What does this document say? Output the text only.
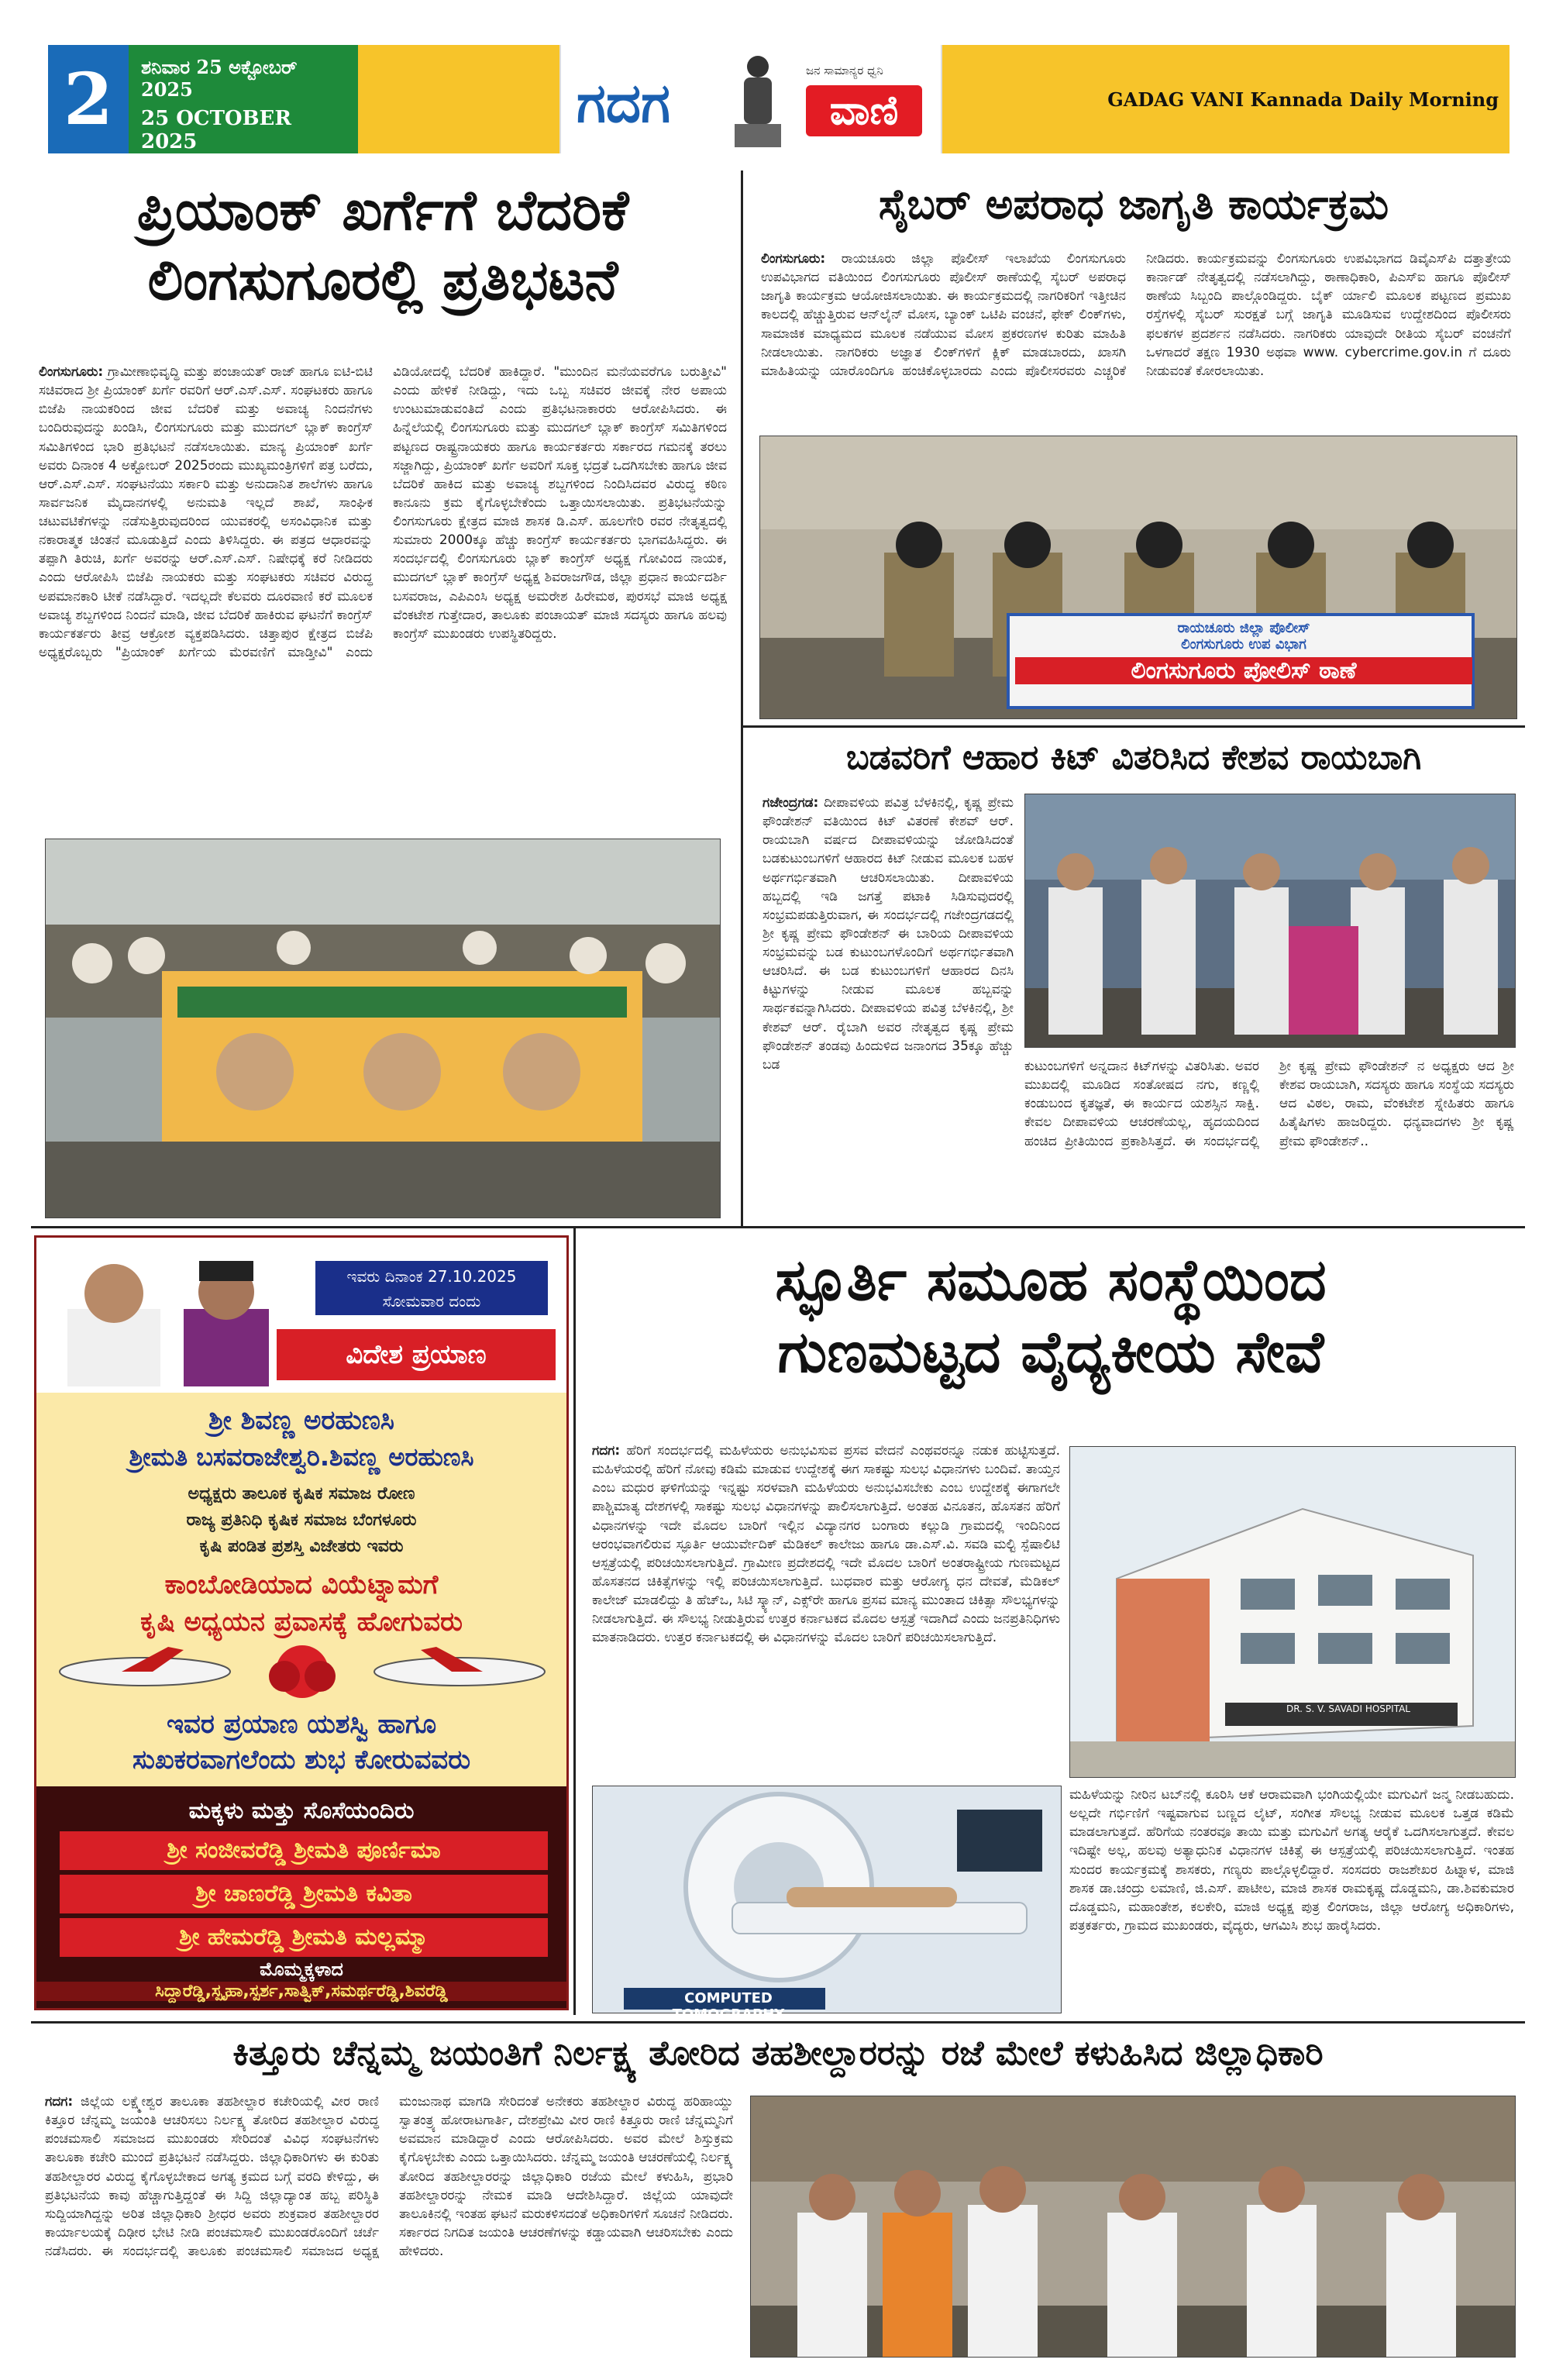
2	ಶನಿವಾರ 25 ಅಕ್ಟೋಬರ್ 2025
25 OCTOBER 2025
ಗದಗ
ಜನ ಸಾಮಾನ್ಯರ ಧ್ವನಿ
ವಾಣಿ	GADAG VANI Kannada Daily Morning
ಪ್ರಿಯಾಂಕ್ ಖರ್ಗೆಗೆ ಬೆದರಿಕೆ
ಲಿಂಗಸುಗೂರಲ್ಲಿ ಪ್ರತಿಭಟನೆ

ಲಿಂಗಸುಗೂರು: ಗ್ರಾಮೀಣಾಭಿವೃದ್ಧಿ ಮತ್ತು ಪಂಚಾಯತ್ ರಾಜ್ ಹಾಗೂ ಐಟಿ-ಬಿಟಿ ಸಚಿವರಾದ ಶ್ರೀ ಪ್ರಿಯಾಂಕ್ ಖರ್ಗೆ ರವರಿಗೆ ಆರ್.ಎಸ್.ಎಸ್. ಸಂಘಟಕರು ಹಾಗೂ ಬಿಜೆಪಿ ನಾಯಕರಿಂದ ಜೀವ ಬೆದರಿಕೆ ಮತ್ತು ಅವಾಚ್ಯ ನಿಂದನೆಗಳು ಬಂದಿರುವುದನ್ನು ಖಂಡಿಸಿ, ಲಿಂಗಸುಗೂರು ಮತ್ತು ಮುದಗಲ್ ಬ್ಲಾಕ್ ಕಾಂಗ್ರೆಸ್ ಸಮಿತಿಗಳಿಂದ ಭಾರಿ ಪ್ರತಿಭಟನೆ ನಡೆಸಲಾಯಿತು. ಮಾನ್ಯ ಪ್ರಿಯಾಂಕ್ ಖರ್ಗೆ ಅವರು ದಿನಾಂಕ 4 ಅಕ್ಟೋಬರ್ 2025ರಂದು ಮುಖ್ಯಮಂತ್ರಿಗಳಿಗೆ ಪತ್ರ ಬರೆದು, ಆರ್.ಎಸ್.ಎಸ್. ಸಂಘಟನೆಯು ಸರ್ಕಾರಿ ಮತ್ತು ಅನುದಾನಿತ ಶಾಲೆಗಳು ಹಾಗೂ ಸಾರ್ವಜನಿಕ ಮೈದಾನಗಳಲ್ಲಿ ಅನುಮತಿ ಇಲ್ಲದೆ ಶಾಖೆ, ಸಾಂಘಿಕ ಚಟುವಟಿಕೆಗಳನ್ನು ನಡೆಸುತ್ತಿರುವುದರಿಂದ ಯುವಕರಲ್ಲಿ ಅಸಂವಿಧಾನಿಕ ಮತ್ತು ನಕಾರಾತ್ಮಕ ಚಿಂತನೆ ಮೂಡುತ್ತಿದೆ ಎಂದು ತಿಳಿಸಿದ್ದರು. ಈ ಪತ್ರದ ಆಧಾರವನ್ನು ತಪ್ಪಾಗಿ ತಿರುಚಿ, ಖರ್ಗೆ ಅವರನ್ನು ಆರ್.ಎಸ್.ಎಸ್. ನಿಷೇಧಕ್ಕೆ ಕರೆ ನೀಡಿದರು ಎಂದು ಆರೋಪಿಸಿ ಬಿಜೆಪಿ ನಾಯಕರು ಮತ್ತು ಸಂಘಟಕರು ಸಚಿವರ ವಿರುದ್ಧ ಅಪಮಾನಕಾರಿ ಟೀಕೆ ನಡೆಸಿದ್ದಾರೆ. ಇದಲ್ಲದೇ ಕೆಲವರು ದೂರವಾಣಿ ಕರೆ ಮೂಲಕ ಅವಾಚ್ಯ ಶಬ್ದಗಳಿಂದ ನಿಂದನೆ ಮಾಡಿ, ಜೀವ ಬೆದರಿಕೆ ಹಾಕಿರುವ ಘಟನೆಗೆ ಕಾಂಗ್ರೆಸ್ ಕಾರ್ಯಕರ್ತರು ತೀವ್ರ ಆಕ್ರೋಶ ವ್ಯಕ್ತಪಡಿಸಿದರು. ಚಿತ್ತಾಪುರ ಕ್ಷೇತ್ರದ ಬಿಜೆಪಿ ಅಧ್ಯಕ್ಷರೊಬ್ಬರು "ಪ್ರಿಯಾಂಕ್ ಖರ್ಗೆಯ ಮೆರವಣಿಗೆ ಮಾಡ್ತೀವಿ" ಎಂದು ವಿಡಿಯೋದಲ್ಲಿ ಬೆದರಿಕೆ ಹಾಕಿದ್ದಾರೆ. "ಮುಂದಿನ ಮನೆಯವರೆಗೂ ಬರುತ್ತೀವಿ" ಎಂದು ಹೇಳಿಕೆ ನೀಡಿದ್ದು, ಇದು ಒಬ್ಬ ಸಚಿವರ ಜೀವಕ್ಕೆ ನೇರ ಅಪಾಯ ಉಂಟುಮಾಡುವಂತಿದೆ ಎಂದು ಪ್ರತಿಭಟನಾಕಾರರು ಆರೋಪಿಸಿದರು. ಈ ಹಿನ್ನೆಲೆಯಲ್ಲಿ ಲಿಂಗಸುಗೂರು ಮತ್ತು ಮುದಗಲ್ ಬ್ಲಾಕ್ ಕಾಂಗ್ರೆಸ್ ಸಮಿತಿಗಳಿಂದ ಪಟ್ಟಣದ ರಾಷ್ಟ್ರನಾಯಕರು ಹಾಗೂ ಕಾರ್ಯಕರ್ತರು ಸರ್ಕಾರದ ಗಮನಕ್ಕೆ ತರಲು ಸಜ್ಜಾಗಿದ್ದು, ಪ್ರಿಯಾಂಕ್ ಖರ್ಗೆ ಅವರಿಗೆ ಸೂಕ್ತ ಭದ್ರತೆ ಒದಗಿಸಬೇಕು ಹಾಗೂ ಜೀವ ಬೆದರಿಕೆ ಹಾಕಿದ ಮತ್ತು ಅವಾಚ್ಯ ಶಬ್ದಗಳಿಂದ ನಿಂದಿಸಿದವರ ವಿರುದ್ಧ ಕಠಿಣ ಕಾನೂನು ಕ್ರಮ ಕೈಗೊಳ್ಳಬೇಕೆಂದು ಒತ್ತಾಯಿಸಲಾಯಿತು. ಪ್ರತಿಭಟನೆಯನ್ನು ಲಿಂಗಸುಗೂರು ಕ್ಷೇತ್ರದ ಮಾಜಿ ಶಾಸಕ ಡಿ.ಎಸ್. ಹೂಲಗೇರಿ ರವರ ನೇತೃತ್ವದಲ್ಲಿ ಸುಮಾರು 2000ಕ್ಕೂ ಹೆಚ್ಚು ಕಾಂಗ್ರೆಸ್ ಕಾರ್ಯಕರ್ತರು ಭಾಗವಹಿಸಿದ್ದರು. ಈ ಸಂದರ್ಭದಲ್ಲಿ ಲಿಂಗಸುಗೂರು ಬ್ಲಾಕ್ ಕಾಂಗ್ರೆಸ್ ಅಧ್ಯಕ್ಷ ಗೋವಿಂದ ನಾಯಕ, ಮುದಗಲ್ ಬ್ಲಾಕ್ ಕಾಂಗ್ರೆಸ್ ಅಧ್ಯಕ್ಷ ಶಿವರಾಜಗೌಡ, ಜಿಲ್ಲಾ ಪ್ರಧಾನ ಕಾರ್ಯದರ್ಶಿ ಬಸವರಾಜ, ಎಪಿಎಂಸಿ ಅಧ್ಯಕ್ಷ ಅಮರೇಶ ಹಿರೇಮಠ, ಪುರಸಭೆ ಮಾಜಿ ಅಧ್ಯಕ್ಷ ವೆಂಕಟೇಶ ಗುತ್ತೇದಾರ, ತಾಲೂಕು ಪಂಚಾಯತ್ ಮಾಜಿ ಸದಸ್ಯರು ಹಾಗೂ ಹಲವು ಕಾಂಗ್ರೆಸ್ ಮುಖಂಡರು ಉಪಸ್ಥಿತರಿದ್ದರು.

ಸೈಬರ್ ಅಪರಾಧ ಜಾಗೃತಿ ಕಾರ್ಯಕ್ರಮ

ಲಿಂಗಸುಗೂರು: ರಾಯಚೂರು ಜಿಲ್ಲಾ ಪೊಲೀಸ್ ಇಲಾಖೆಯ ಲಿಂಗಸುಗೂರು ಉಪವಿಭಾಗದ ವತಿಯಿಂದ ಲಿಂಗಸುಗೂರು ಪೊಲೀಸ್ ಠಾಣೆಯಲ್ಲಿ ಸೈಬರ್ ಅಪರಾಧ ಜಾಗೃತಿ ಕಾರ್ಯಕ್ರಮ ಆಯೋಜಿಸಲಾಯಿತು. ಈ ಕಾರ್ಯಕ್ರಮದಲ್ಲಿ ನಾಗರಿಕರಿಗೆ ಇತ್ತೀಚಿನ ಕಾಲದಲ್ಲಿ ಹೆಚ್ಚುತ್ತಿರುವ ಆನ್‌ಲೈನ್ ಮೋಸ, ಬ್ಯಾಂಕ್ ಒಟಿಪಿ ವಂಚನೆ, ಫೇಕ್ ಲಿಂಕ್‌ಗಳು, ಸಾಮಾಜಿಕ ಮಾಧ್ಯಮದ ಮೂಲಕ ನಡೆಯುವ ಮೋಸ ಪ್ರಕರಣಗಳ ಕುರಿತು ಮಾಹಿತಿ ನೀಡಲಾಯಿತು. ನಾಗರಿಕರು ಅಜ್ಞಾತ ಲಿಂಕ್‌ಗಳಿಗೆ ಕ್ಲಿಕ್ ಮಾಡಬಾರದು, ಖಾಸಗಿ ಮಾಹಿತಿಯನ್ನು ಯಾರೊಂದಿಗೂ ಹಂಚಿಕೊಳ್ಳಬಾರದು ಎಂದು ಪೊಲೀಸರವರು ಎಚ್ಚರಿಕೆ ನೀಡಿದರು. ಕಾರ್ಯಕ್ರಮವನ್ನು ಲಿಂಗಸುಗೂರು ಉಪವಿಭಾಗದ ಡಿವೈಎಸ್‌ಪಿ ದತ್ತಾತ್ರೇಯ ಕಾರ್ನಾಡ್ ನೇತೃತ್ವದಲ್ಲಿ ನಡೆಸಲಾಗಿದ್ದು, ಠಾಣಾಧಿಕಾರಿ, ಪಿಎಸ್‌ಐ ಹಾಗೂ ಪೊಲೀಸ್ ಠಾಣೆಯ ಸಿಬ್ಬಂದಿ ಪಾಲ್ಗೊಂಡಿದ್ದರು. ಬೈಕ್ ರ್ಯಾಲಿ ಮೂಲಕ ಪಟ್ಟಣದ ಪ್ರಮುಖ ರಸ್ತೆಗಳಲ್ಲಿ ಸೈಬರ್ ಸುರಕ್ಷತೆ ಬಗ್ಗೆ ಜಾಗೃತಿ ಮೂಡಿಸುವ ಉದ್ದೇಶದಿಂದ ಪೊಲೀಸರು ಫಲಕಗಳ ಪ್ರದರ್ಶನ ನಡೆಸಿದರು. ನಾಗರಿಕರು ಯಾವುದೇ ರೀತಿಯ ಸೈಬರ್ ವಂಚನೆಗೆ ಒಳಗಾದರೆ ತಕ್ಷಣ 1930 ಅಥವಾ www. cybercrime.gov.in ಗೆ ದೂರು ನೀಡುವಂತೆ ಕೋರಲಾಯಿತು.

ರಾಯಚೂರು ಜಿಲ್ಲಾ ಪೊಲೀಸ್
ಲಿಂಗಸುಗೂರು ಉಪ ವಿಭಾಗ
ಲಿಂಗಸುಗೂರು ಪೋಲಿಸ್ ಠಾಣೆ
ಬಡವರಿಗೆ ಆಹಾರ ಕಿಟ್ ವಿತರಿಸಿದ ಕೇಶವ ರಾಯಬಾಗಿ

ಗಜೇಂದ್ರಗಡ: ದೀಪಾವಳಿಯ ಪವಿತ್ರ ಬೆಳಕಿನಲ್ಲಿ, ಕೃಷ್ಣ ಪ್ರೇಮ ಫೌಂಡೇಶನ್ ವತಿಯಿಂದ ಕಿಟ್ ವಿತರಣೆ ಕೇಶವ್ ಆರ್. ರಾಯಬಾಗಿ ವರ್ಷದ ದೀಪಾವಳಿಯನ್ನು ಜೋಡಿಸಿದಂತೆ ಬಡಕುಟುಂಬಗಳಿಗೆ ಆಹಾರದ ಕಿಟ್ ನೀಡುವ ಮೂಲಕ ಬಹಳ ಅರ್ಥಗರ್ಭಿತವಾಗಿ ಆಚರಿಸಲಾಯಿತು. ದೀಪಾವಳಿಯ ಹಬ್ಬದಲ್ಲಿ ಇಡಿ ಜಗತ್ತೆ ಪಟಾಕಿ ಸಿಡಿಸುವುದರಲ್ಲಿ ಸಂಭ್ರಮಪಡುತ್ತಿರುವಾಗ, ಈ ಸಂದರ್ಭದಲ್ಲಿ ಗಜೇಂದ್ರಗಡದಲ್ಲಿ ಶ್ರೀ ಕೃಷ್ಣ ಪ್ರೇಮ ಫೌಂಡೇಶನ್ ಈ ಬಾರಿಯ ದೀಪಾವಳಿಯ ಸಂಭ್ರಮವನ್ನು ಬಡ ಕುಟುಂಬಗಳೊಂದಿಗೆ ಅರ್ಥಗರ್ಭಿತವಾಗಿ ಆಚರಿಸಿದೆ. ಈ ಬಡ ಕುಟುಂಬಗಳಿಗೆ ಆಹಾರದ ದಿನಸಿ ಕಿಟ್ಟುಗಳನ್ನು ನೀಡುವ ಮೂಲಕ ಹಬ್ಬವನ್ನು ಸಾರ್ಥಕವನ್ನಾಗಿಸಿದರು. ದೀಪಾವಳಿಯ ಪವಿತ್ರ ಬೆಳಕಿನಲ್ಲಿ, ಶ್ರೀ ಕೇಶವ್ ಆರ್. ರೈಬಾಗಿ ಅವರ ನೇತೃತ್ವದ ಕೃಷ್ಣ ಪ್ರೇಮ ಫೌಂಡೇಶನ್ ತಂಡವು ಹಿಂದುಳಿದ ಜನಾಂಗದ 35ಕ್ಕೂ ಹೆಚ್ಚು ಬಡ	ಕುಟುಂಬಗಳಿಗೆ ಅನ್ನದಾನ ಕಿಟ್‌ಗಳನ್ನು ವಿತರಿಸಿತು. ಅವರ ಮುಖದಲ್ಲಿ ಮೂಡಿದ ಸಂತೋಷದ ನಗು, ಕಣ್ಣಲ್ಲಿ ಕಂಡುಬಂದ ಕೃತಜ್ಞತೆ, ಈ ಕಾರ್ಯದ ಯಶಸ್ಸಿನ ಸಾಕ್ಷಿ. ಕೇವಲ ದೀಪಾವಳಿಯ ಆಚರಣೆಯಲ್ಲ, ಹೃದಯದಿಂದ ಹಂಚಿದ ಪ್ರೀತಿಯಿಂದ ಪ್ರಕಾಶಿಸಿತ್ತದೆ. ಈ ಸಂದರ್ಭದಲ್ಲಿ ಶ್ರೀ ಕೃಷ್ಣ ಪ್ರೇಮ ಫೌಂಡೇಶನ್ ನ ಅಧ್ಯಕ್ಷರು ಆದ ಶ್ರೀ ಕೇಶವ ರಾಯಬಾಗಿ, ಸದಸ್ಯರು ಹಾಗೂ ಸಂಸ್ಥೆಯ ಸದಸ್ಯರು ಆದ ವಿಠಲ, ರಾಮ, ವೆಂಕಟೇಶ ಸ್ನೇಹಿತರು ಹಾಗೂ ಹಿತೈಷಿಗಳು ಹಾಜರಿದ್ದರು. ಧನ್ಯವಾದಗಳು ಶ್ರೀ ಕೃಷ್ಣ ಪ್ರೇಮ ಫೌಂಡೇಶನ್..
ಇವರು ದಿನಾಂಕ 27.10.2025
ಸೋಮವಾರ ದಂದು
ವಿದೇಶ ಪ್ರಯಾಣ
ಶ್ರೀ ಶಿವಣ್ಣ ಅರಹುಣಸಿ
ಶ್ರೀಮತಿ ಬಸವರಾಜೇಶ್ವರಿ.ಶಿವಣ್ಣ ಅರಹುಣಸಿ
ಅಧ್ಯಕ್ಷರು ತಾಲೂಕ ಕೃಷಿಕ ಸಮಾಜ ರೋಣ
ರಾಜ್ಯ ಪ್ರತಿನಿಧಿ ಕೃಷಿಕ ಸಮಾಜ ಬೆಂಗಳೂರು
ಕೃಷಿ ಪಂಡಿತ ಪ್ರಶಸ್ತಿ ವಿಜೇತರು ಇವರು
ಕಾಂಬೋಡಿಯಾದ ವಿಯೆಟ್ನಾಮಗೆ
ಕೃಷಿ ಅಧ್ಯಯನ ಪ್ರವಾಸಕ್ಕೆ ಹೋಗುವರು
ಇವರ ಪ್ರಯಾಣ ಯಶಸ್ವಿ ಹಾಗೂ
ಸುಖಕರವಾಗಲೆಂದು ಶುಭ ಕೋರುವವರು
ಮಕ್ಕಳು ಮತ್ತು ಸೊಸೆಯಂದಿರು
ಶ್ರೀ ಸಂಜೀವರೆಡ್ಡಿ ಶ್ರೀಮತಿ ಪೂರ್ಣಿಮಾ
ಶ್ರೀ ಚಾಣರೆಡ್ಡಿ ಶ್ರೀಮತಿ ಕವಿತಾ
ಶ್ರೀ ಹೇಮರೆಡ್ಡಿ ಶ್ರೀಮತಿ ಮಲ್ಲಮ್ಮಾ
ಮೊಮ್ಮಕ್ಕಳಾದ
ಸಿದ್ದಾರೆಡ್ಡಿ,ಸ್ಪೃಹಾ,ಸ್ಪರ್ಶ,ಸಾತ್ವಿಕ್,ಸಮರ್ಥರೆಡ್ಡಿ,ಶಿವರೆಡ್ಡಿ
ಸ್ಫೂರ್ತಿ ಸಮೂಹ ಸಂಸ್ಥೆಯಿಂದ
ಗುಣಮಟ್ಟದ ವೈದ್ಯಕೀಯ ಸೇವೆ

ಗದಗ: ಹೆರಿಗೆ ಸಂದರ್ಭದಲ್ಲಿ ಮಹಿಳೆಯರು ಅನುಭವಿಸುವ ಪ್ರಸವ ವೇದನೆ ಎಂಥವರನ್ನೂ ನಡುಕ ಹುಟ್ಟಿಸುತ್ತದೆ. ಮಹಿಳೆಯರಲ್ಲಿ ಹೆರಿಗೆ ನೋವು ಕಡಿಮೆ ಮಾಡುವ ಉದ್ದೇಶಕ್ಕೆ ಈಗ ಸಾಕಷ್ಟು ಸುಲಭ ವಿಧಾನಗಳು ಬಂದಿವೆ. ತಾಯ್ತನ ಎಂಬ ಮಧುರ ಘಳಿಗೆಯನ್ನು ಇನ್ನಷ್ಟು ಸರಳವಾಗಿ ಮಹಿಳೆಯರು ಅನುಭವಿಸಬೇಕು ಎಂಬ ಉದ್ದೇಶಕ್ಕೆ ಈಗಾಗಲೇ ಪಾಶ್ಚಿಮಾತ್ಯ ದೇಶಗಳಲ್ಲಿ ಸಾಕಷ್ಟು ಸುಲಭ ವಿಧಾನಗಳನ್ನು ಪಾಲಿಸಲಾಗುತ್ತಿದೆ. ಅಂತಹ ವಿನೂತನ, ಹೊಸತನ ಹೆರಿಗೆ ವಿಧಾನಗಳನ್ನು ಇದೇ ಮೊದಲ ಬಾರಿಗೆ ಇಲ್ಲಿನ ವಿದ್ಯಾನಗರ ಬಂಗಾರು ಕಲ್ಲುಡಿ ಗ್ರಾಮದಲ್ಲಿ ಇಂದಿನಿಂದ ಆರಂಭವಾಗಲಿರುವ ಸ್ಫೂರ್ತಿ ಆಯುರ್ವೇದಿಕ್ ಮೆಡಿಕಲ್ ಕಾಲೇಜು ಹಾಗೂ ಡಾ.ಎಸ್.ವಿ. ಸವಡಿ ಮಲ್ಟಿ ಸ್ಪೆಷಾಲಿಟಿ ಆಸ್ಪತ್ರೆಯಲ್ಲಿ ಪರಿಚಯಿಸಲಾಗುತ್ತಿದೆ. ಗ್ರಾಮೀಣ ಪ್ರದೇಶದಲ್ಲಿ ಇದೇ ಮೊದಲ ಬಾರಿಗೆ ಅಂತರಾಷ್ಟ್ರೀಯ ಗುಣಮಟ್ಟದ ಹೊಸತನದ ಚಿಕಿತ್ಸೆಗಳನ್ನು ಇಲ್ಲಿ ಪರಿಚಯಿಸಲಾಗುತ್ತಿದೆ. ಬುಧವಾರ ಮತ್ತು ಆರೋಗ್ಯ ಧನ ದೇವತೆ, ಮೆಡಿಕಲ್ ಕಾಲೇಜ್ ಮಾಡಲಿದ್ದು ತಿ ಹೆಚ್‌ಒ, ಸಿಟಿ ಸ್ಕ್ಯಾನ್, ಎಕ್ಸ್‌ರೇ ಹಾಗೂ ಪ್ರಸವ ಮಾನ್ಯ ಮುಂತಾದ ಚಿಕಿತ್ಸಾ ಸೌಲಭ್ಯಗಳನ್ನು ನೀಡಲಾಗುತ್ತಿದೆ. ಈ ಸೌಲಭ್ಯ ನೀಡುತ್ತಿರುವ ಉತ್ತರ ಕರ್ನಾಟಕದ ಮೊದಲ ಆಸ್ಪತ್ರೆ ಇದಾಗಿದೆ ಎಂದು ಜನಪ್ರತಿನಿಧಿಗಳು ಮಾತನಾಡಿದರು. ಉತ್ತರ ಕರ್ನಾಟಕದಲ್ಲಿ ಈ ವಿಧಾನಗಳನ್ನು ಮೊದಲ ಬಾರಿಗೆ ಪರಿಚಯಿಸಲಾಗುತ್ತಿದೆ.

DR. S. V. SAVADI HOSPITAL
COMPUTED TOMOGRAPHY
ಮಹಿಳೆಯನ್ನು ನೀರಿನ ಟಬ್‌ನಲ್ಲಿ ಕೂರಿಸಿ ಆಕೆ ಆರಾಮವಾಗಿ ಭಂಗಿಯಲ್ಲಿಯೇ ಮಗುವಿಗೆ ಜನ್ಮ ನೀಡಬಹುದು. ಅಲ್ಲದೇ ಗರ್ಭಿಣಿಗೆ ಇಷ್ಟವಾಗುವ ಬಣ್ಣದ ಲೈಟ್, ಸಂಗೀತ ಸೌಲಭ್ಯ ನೀಡುವ ಮೂಲಕ ಒತ್ತಡ ಕಡಿಮೆ ಮಾಡಲಾಗುತ್ತದೆ. ಹೆರಿಗೆಯ ನಂತರವೂ ತಾಯಿ ಮತ್ತು ಮಗುವಿಗೆ ಅಗತ್ಯ ಆರೈಕೆ ಒದಗಿಸಲಾಗುತ್ತದೆ. ಕೇವಲ ಇದಿಷ್ಟೇ ಅಲ್ಲ, ಹಲವು ಅತ್ಯಾಧುನಿಕ ವಿಧಾನಗಳ ಚಿಕಿತ್ಸೆ ಈ ಆಸ್ಪತ್ರೆಯಲ್ಲಿ ಪರಿಚಯಿಸಲಾಗುತ್ತಿದೆ. ಇಂತಹ ಸುಂದರ ಕಾರ್ಯಕ್ರಮಕ್ಕೆ ಶಾಸಕರು, ಗಣ್ಯರು ಪಾಲ್ಗೊಳ್ಳಲಿದ್ದಾರೆ. ಸಂಸದರು ರಾಜಶೇಖರ ಹಿಟ್ನಾಳ, ಮಾಜಿ ಶಾಸಕ ಡಾ.ಚಂದ್ರು ಲಮಾಣಿ, ಜಿ.ಎಸ್. ಪಾಟೀಲ, ಮಾಜಿ ಶಾಸಕ ರಾಮಕೃಷ್ಣ ದೊಡ್ಡಮನಿ, ಡಾ.ಶಿವಕುಮಾರ ದೊಡ್ಡಮನಿ, ಮಹಾಂತೇಶ, ಕಲಕೇರಿ, ಮಾಜಿ ಅಧ್ಯಕ್ಷ ಪುತ್ರ ಲಿಂಗರಾಜ, ಜಿಲ್ಲಾ ಆರೋಗ್ಯ ಅಧಿಕಾರಿಗಳು, ಪತ್ರಕರ್ತರು, ಗ್ರಾಮದ ಮುಖಂಡರು, ವೈದ್ಯರು, ಆಗಮಿಸಿ ಶುಭ ಹಾರೈಸಿದರು.
ಕಿತ್ತೂರು ಚೆನ್ನಮ್ಮ ಜಯಂತಿಗೆ ನಿರ್ಲಕ್ಷ್ಯ ತೋರಿದ ತಹಶೀಲ್ದಾರರನ್ನು ರಜೆ ಮೇಲೆ ಕಳುಹಿಸಿದ ಜಿಲ್ಲಾಧಿಕಾರಿ

ಗದಗ: ಜಿಲ್ಲೆಯ ಲಕ್ಷ್ಮೇಶ್ವರ ತಾಲೂಕಾ ತಹಶೀಲ್ದಾರ ಕಚೇರಿಯಲ್ಲಿ ವೀರ ರಾಣಿ ಕಿತ್ತೂರ ಚೆನ್ನಮ್ಮ ಜಯಂತಿ ಆಚರಿಸಲು ನಿರ್ಲಕ್ಷ್ಯ ತೋರಿದ ತಹಶೀಲ್ದಾರ ವಿರುದ್ಧ ಪಂಚಮಸಾಲಿ ಸಮಾಜದ ಮುಖಂಡರು ಸೇರಿದಂತೆ ವಿವಿಧ ಸಂಘಟನೆಗಳು ತಾಲೂಕಾ ಕಚೇರಿ ಮುಂದೆ ಪ್ರತಿಭಟನೆ ನಡೆಸಿದ್ದರು. ಜಿಲ್ಲಾಧಿಕಾರಿಗಳು ಈ ಕುರಿತು ತಹಶೀಲ್ದಾರರ ವಿರುದ್ಧ ಕೈಗೊಳ್ಳಬೇಕಾದ ಅಗತ್ಯ ಕ್ರಮದ ಬಗ್ಗೆ ವರದಿ ಕೇಳಿದ್ದು, ಈ ಪ್ರತಿಭಟನೆಯ ಕಾವು ಹೆಚ್ಚಾಗುತ್ತಿದ್ದಂತೆ ಈ ಸಿದ್ದಿ ಜಿಲ್ಲಾದ್ಯಾಂತ ಹಬ್ಬ ಪರಿಸ್ಥಿತಿ ಸುದ್ದಿಯಾಗಿದ್ದನ್ನು ಅರಿತ ಜಿಲ್ಲಾಧಿಕಾರಿ ಶ್ರೀಧರ ಅವರು ಶುಕ್ರವಾರ ತಹಶೀಲ್ದಾರರ ಕಾರ್ಯಾಲಯಕ್ಕೆ ದಿಢೀರ ಭೇಟಿ ನೀಡಿ ಪಂಚಮಸಾಲಿ ಮುಖಂಡರೊಂದಿಗೆ ಚರ್ಚೆ ನಡೆಸಿದರು. ಈ ಸಂದರ್ಭದಲ್ಲಿ ತಾಲೂಕು ಪಂಚಮಸಾಲಿ ಸಮಾಜದ ಅಧ್ಯಕ್ಷ ಮಂಜುನಾಥ ಮಾಗಡಿ ಸೇರಿದಂತೆ ಅನೇಕರು ತಹಶೀಲ್ದಾರ ವಿರುದ್ಧ ಹರಿಹಾಯ್ದು ಸ್ವಾತಂತ್ರ್ಯ ಹೋರಾಟಗಾರ್ತಿ, ದೇಶಪ್ರೇಮಿ ವೀರ ರಾಣಿ ಕಿತ್ತೂರು ರಾಣಿ ಚೆನ್ನಮ್ಮನಿಗೆ ಅವಮಾನ ಮಾಡಿದ್ದಾರೆ ಎಂದು ಆರೋಪಿಸಿದರು. ಅವರ ಮೇಲೆ ಶಿಸ್ತುಕ್ರಮ ಕೈಗೊಳ್ಳಬೇಕು ಎಂದು ಒತ್ತಾಯಿಸಿದರು. ಚೆನ್ನಮ್ಮ ಜಯಂತಿ ಆಚರಣೆಯಲ್ಲಿ ನಿರ್ಲಕ್ಷ್ಯ ತೋರಿದ ತಹಶೀಲ್ದಾರರನ್ನು ಜಿಲ್ಲಾಧಿಕಾರಿ ರಜೆಯ ಮೇಲೆ ಕಳುಹಿಸಿ, ಪ್ರಭಾರಿ ತಹಶೀಲ್ದಾರರನ್ನು ನೇಮಕ ಮಾಡಿ ಆದೇಶಿಸಿದ್ದಾರೆ. ಜಿಲ್ಲೆಯ ಯಾವುದೇ ತಾಲೂಕಿನಲ್ಲಿ ಇಂತಹ ಘಟನೆ ಮರುಕಳಿಸದಂತೆ ಅಧಿಕಾರಿಗಳಿಗೆ ಸೂಚನೆ ನೀಡಿದರು. ಸರ್ಕಾರದ ನಿಗದಿತ ಜಯಂತಿ ಆಚರಣೆಗಳನ್ನು ಕಡ್ಡಾಯವಾಗಿ ಆಚರಿಸಬೇಕು ಎಂದು ಹೇಳಿದರು.
